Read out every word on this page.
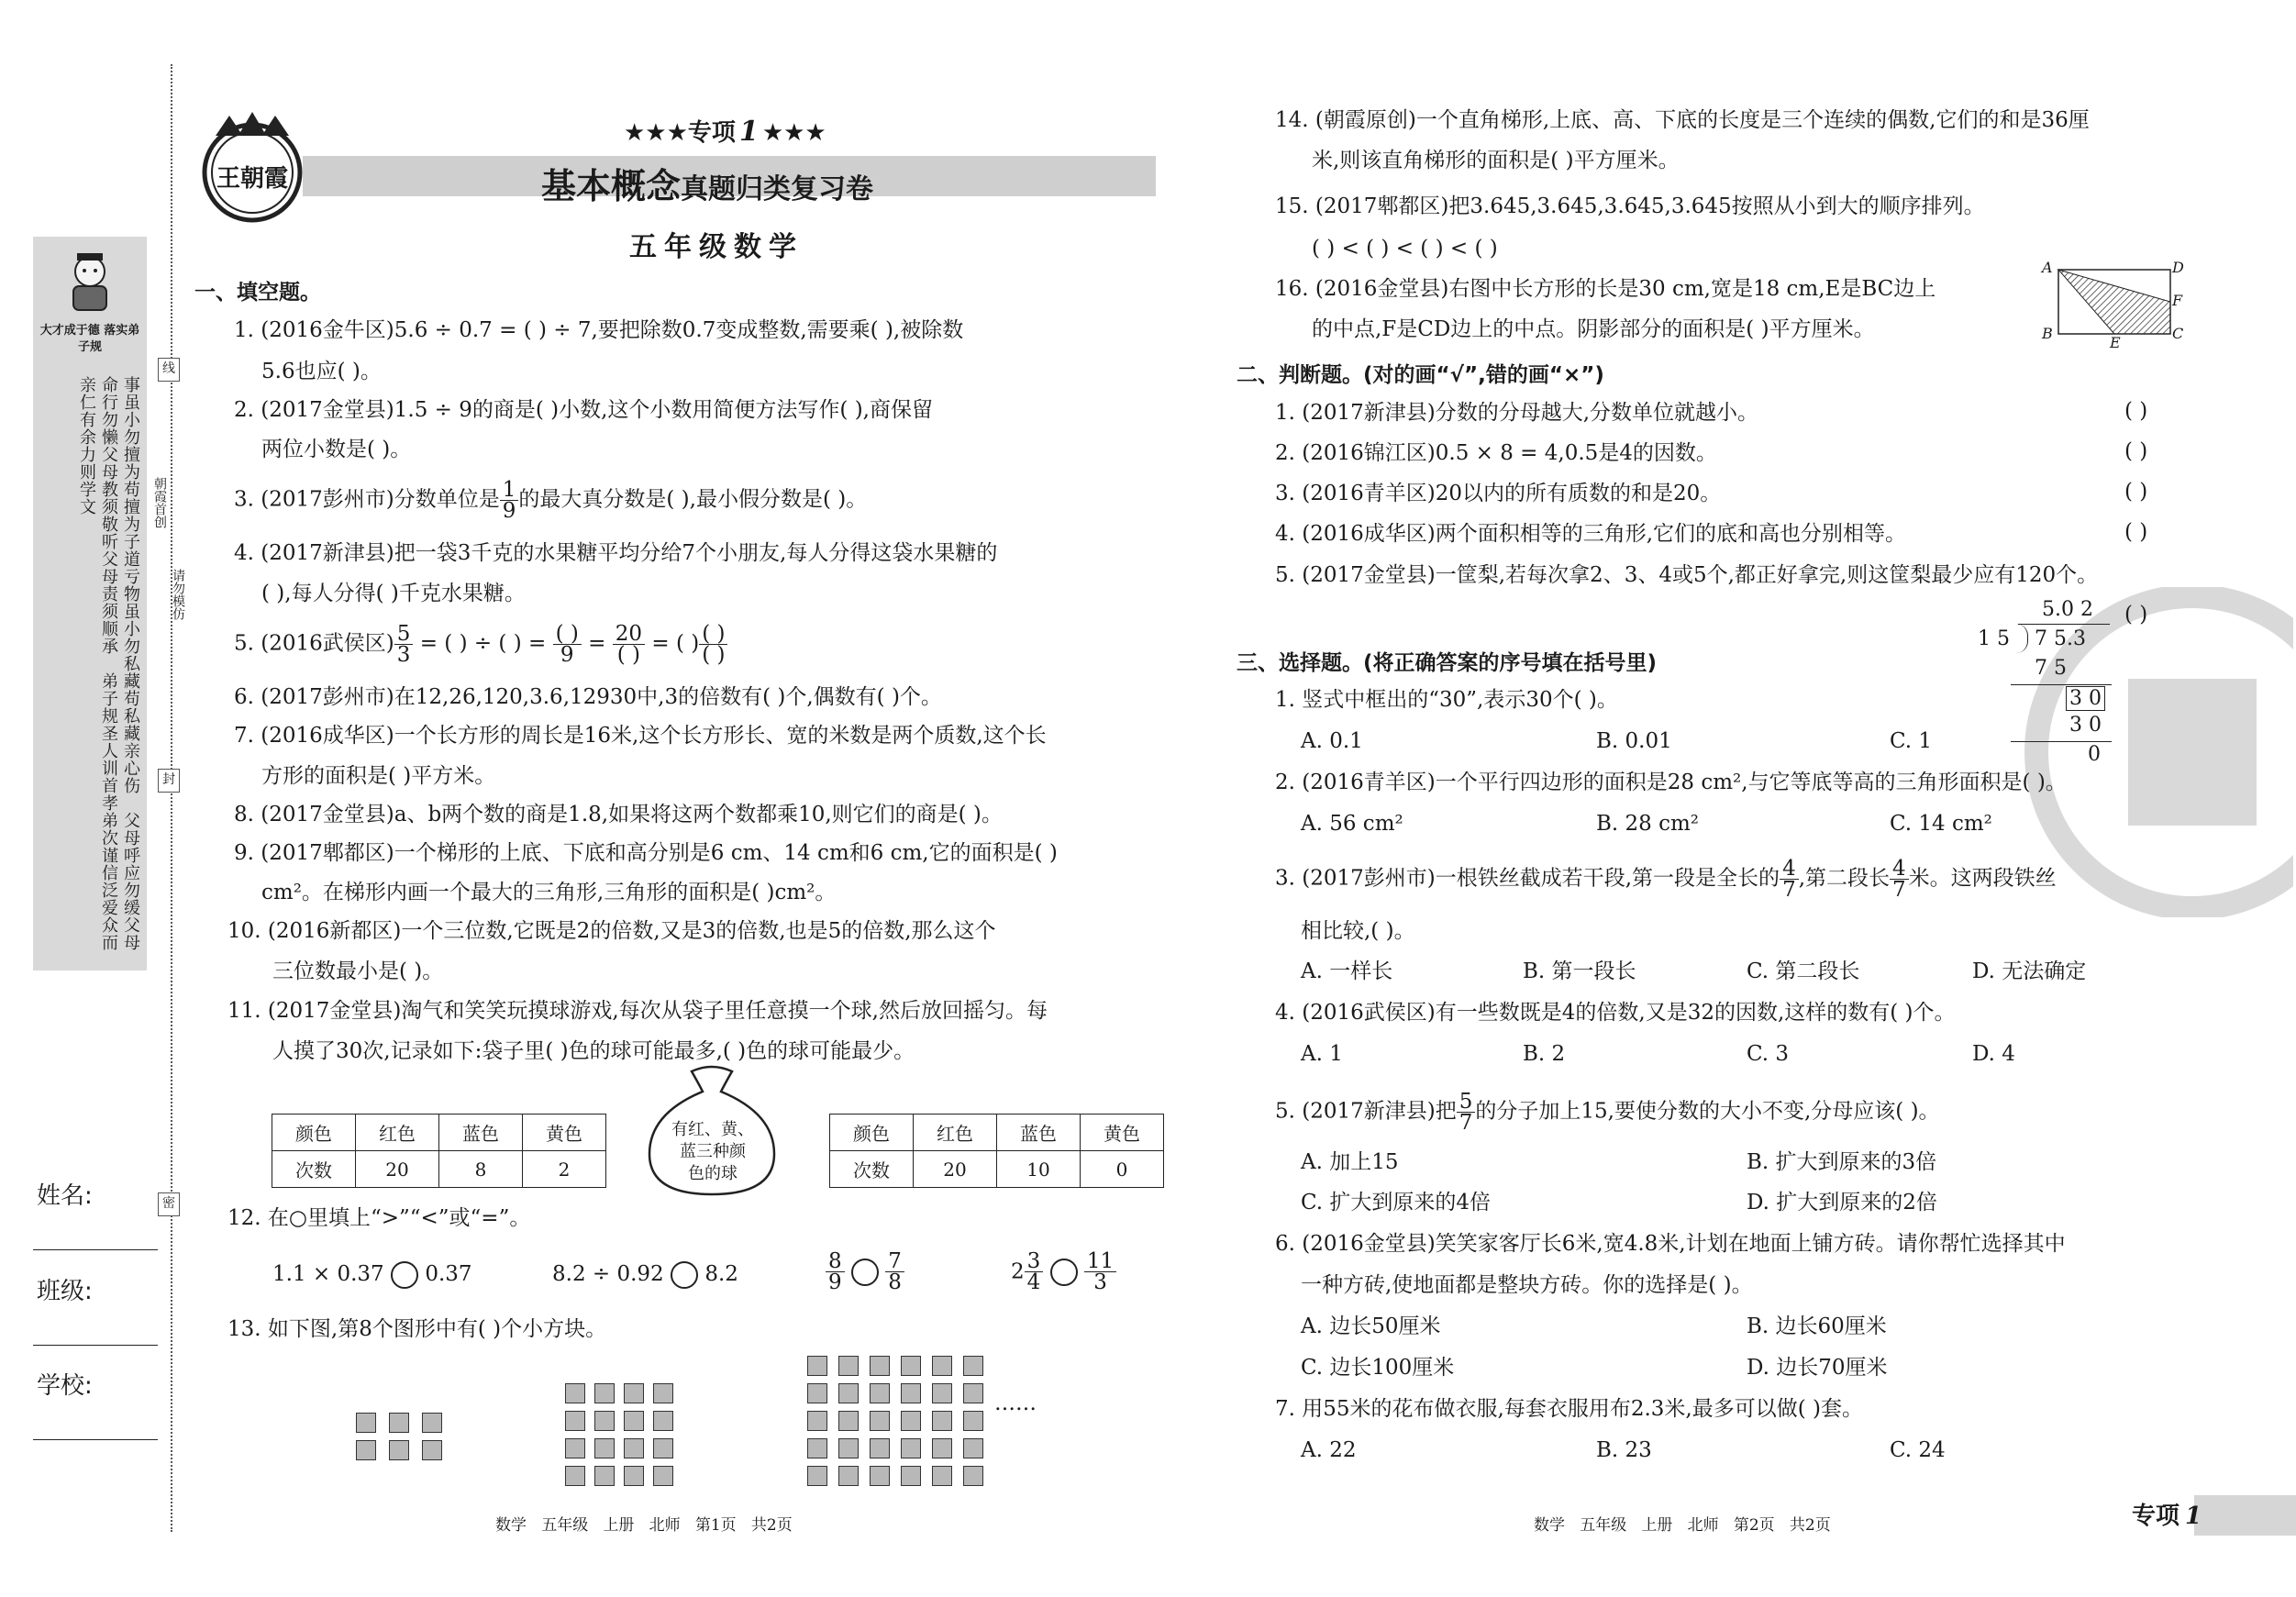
大才成于德 落实弟子规
事虽小勿擅为苟擅为子道亏物虽小勿私藏苟私藏亲心伤　父母呼应勿缓父母命行勿懒父母教须敬听父母责须顺承　弟子规圣人训首孝弟次谨信泛爱众而亲仁有余力则学文
姓名:
班级:
学校:
线
朝霞首创
请勿模仿
封
密
王朝霞
★★★专项 1 ★★★
基本概念真题归类复习卷
五年级数学
一、填空题。
1. (2016金牛区)5.6 ÷ 0.7 = ( ) ÷ 7,要把除数0.7变成整数,需要乘( ),被除数
5.6也应( )。
2. (2017金堂县)1.5 ÷ 9的商是( )小数,这个小数用简便方法写作( ),商保留
两位小数是( )。
3. (2017彭州市)分数单位是 $\frac{1}{9}$ 的最大真分数是( ),最小假分数是( )。
4. (2017新津县)把一袋3千克的水果糖平均分给7个小朋友,每人分得这袋水果糖的
( ),每人分得( )千克水果糖。
5. (2016武侯区) $\frac{5}{3}$ = ( ) ÷ ( ) = $\frac{( )}{9} = \frac{20}{( )}$ = ( ) $\frac{( )}{( )}$
6. (2017彭州市)在12,26,120,3.6,12930中,3的倍数有( )个,偶数有( )个。
7. (2016成华区)一个长方形的周长是16米,这个长方形长、宽的米数是两个质数,这个长
方形的面积是( )平方米。
8. (2017金堂县)a、b两个数的商是1.8,如果将这两个数都乘10,则它们的商是( )。
9. (2017郫都区)一个梯形的上底、下底和高分别是6 cm、14 cm和6 cm,它的面积是( )
cm²。在梯形内画一个最大的三角形,三角形的面积是( )cm²。
10. (2016新都区)一个三位数,它既是2的倍数,又是3的倍数,也是5的倍数,那么这个
三位数最小是( )。
11. (2017金堂县)淘气和笑笑玩摸球游戏,每次从袋子里任意摸一个球,然后放回摇匀。每
人摸了30次,记录如下:袋子里( )色的球可能最多,( )色的球可能最少。
颜色	红色	蓝色	黄色
次数	20	8	2
有红、黄、
蓝三种颜
色的球
颜色	红色	蓝色	黄色
次数	20	10	0
12. 在○里填上“>”“<”或“=”。
1.1 × 0.37 0.37	8.2 ÷ 0.92 8.2	$\frac{8}{9}$
$\frac{7}{8}$	$2 \frac{3}{4}$
$\frac{11}{3}$
13. 如下图,第8个图形中有( )个小方块。
……
数学   五年级   上册   北师   第1页   共2页
14. (朝霞原创)一个直角梯形,上底、高、下底的长度是三个连续的偶数,它们的和是36厘
米,则该直角梯形的面积是( )平方厘米。
15. (2017郫都区)把3.645,3.645,3.645,3.645按照从小到大的顺序排列。
( ) < ( ) < ( ) < ( )
16. (2016金堂县)右图中长方形的长是30 cm,宽是18 cm,E是BC边上
的中点,F是CD边上的中点。阴影部分的面积是( )平方厘米。
A	D
F
B	C
E
二、判断题。(对的画“√”,错的画“×”)
1. (2017新津县)分数的分母越大,分数单位就越小。	( )
2. (2016锦江区)0.5 × 8 = 4,0.5是4的因数。	( )
3. (2016青羊区)20以内的所有质数的和是20。	( )
4. (2016成华区)两个面积相等的三角形,它们的底和高也分别相等。	( )
5. (2017金堂县)一筐梨,若每次拿2、3、4或5个,都正好拿完,则这筐梨最少应有120个。
( )
5.0 2
1 5 7 5.3
7 5
3 0
3 0
0
三、选择题。(将正确答案的序号填在括号里)
1. 竖式中框出的“30”,表示30个( )。
A. 0.1	B. 0.01	C. 1
2. (2016青羊区)一个平行四边形的面积是28 cm²,与它等底等高的三角形面积是( )。
A. 56 cm²	B. 28 cm²	C. 14 cm²
3. (2017彭州市)一根铁丝截成若干段,第一段是全长的 $\frac{4}{7}$ ,第二段长 $\frac{4}{7}$ 米。这两段铁丝
相比较,( )。
A. 一样长	B. 第一段长	C. 第二段长	D. 无法确定
4. (2016武侯区)有一些数既是4的倍数,又是32的因数,这样的数有( )个。
A. 1	B. 2	C. 3	D. 4
5. (2017新津县)把 $\frac{5}{7}$ 的分子加上15,要使分数的大小不变,分母应该( )。
A. 加上15	B. 扩大到原来的3倍
C. 扩大到原来的4倍	D. 扩大到原来的2倍
6. (2016金堂县)笑笑家客厅长6米,宽4.8米,计划在地面上铺方砖。请你帮忙选择其中
一种方砖,使地面都是整块方砖。你的选择是( )。
A. 边长50厘米	B. 边长60厘米
C. 边长100厘米	D. 边长70厘米
7. 用55米的花布做衣服,每套衣服用布2.3米,最多可以做( )套。
A. 22	B. 23	C. 24
数学   五年级   上册   北师   第2页   共2页	专项 1
